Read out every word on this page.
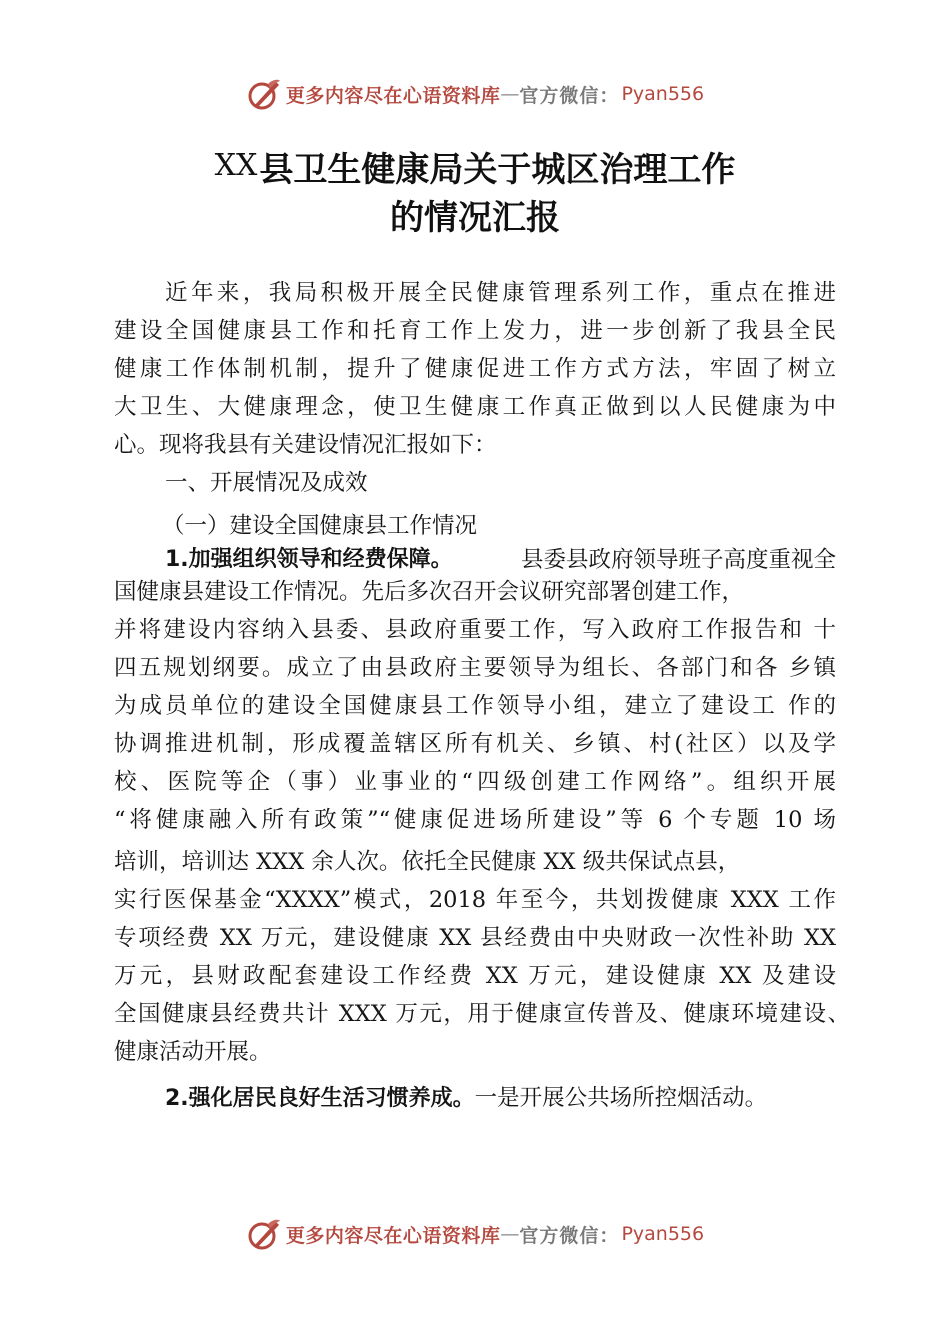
更多内容尽在心语资料库 — 官方微信： Pyan556
XX县卫生健康局关于城区治理工作
的情况汇报
近年来，我局积极开展全民健康管理系列工作，重点在推进
建设全国健康县工作和托育工作上发力，进一步创新了我县全民
健康工作体制机制，提升了健康促进工作方式方法，牢固了树立
大卫生、大健康理念，使卫生健康工作真正做到以人民健康为中
心。现将我县有关建设情况汇报如下：
一、开展情况及成效
（一）建设全国健康县工作情况
1.加强组织领导和经费保障。	县委县政府领导班子高度重视全
国健康县建设工作情况。先后多次召开会议研究部署创建工作，
并将建设内容纳入县委、县政府重要工作，写入政府工作报告和 十
四五规划纲要。成立了由县政府主要领导为组长、各部门和各 乡镇
为成员单位的建设全国健康县工作领导小组，建立了建设工 作的
协调推进机制，形成覆盖辖区所有机关、乡镇、村(社区）以及学
校、医院等企（事）业事业的“四级创建工作网络”。组织开展
“将健康融入所有政策”“健康促进场所建设”等 6 个专题 10 场
培训，培训达 XXX 余人次。依托全民健康 XX 级共保试点县，
实行医保基金“XXXX”模式，2018 年至今，共划拨健康 XXX 工作
专项经费 XX 万元，建设健康 XX 县经费由中央财政一次性补助 XX
万元，县财政配套建设工作经费 XX 万元，建设健康 XX 及建设
全国健康县经费共计 XXX 万元，用于健康宣传普及、健康环境建设、
健康活动开展。
2.强化居民良好生活习惯养成。一是开展公共场所控烟活动。
更多内容尽在心语资料库 — 官方微信： Pyan556
